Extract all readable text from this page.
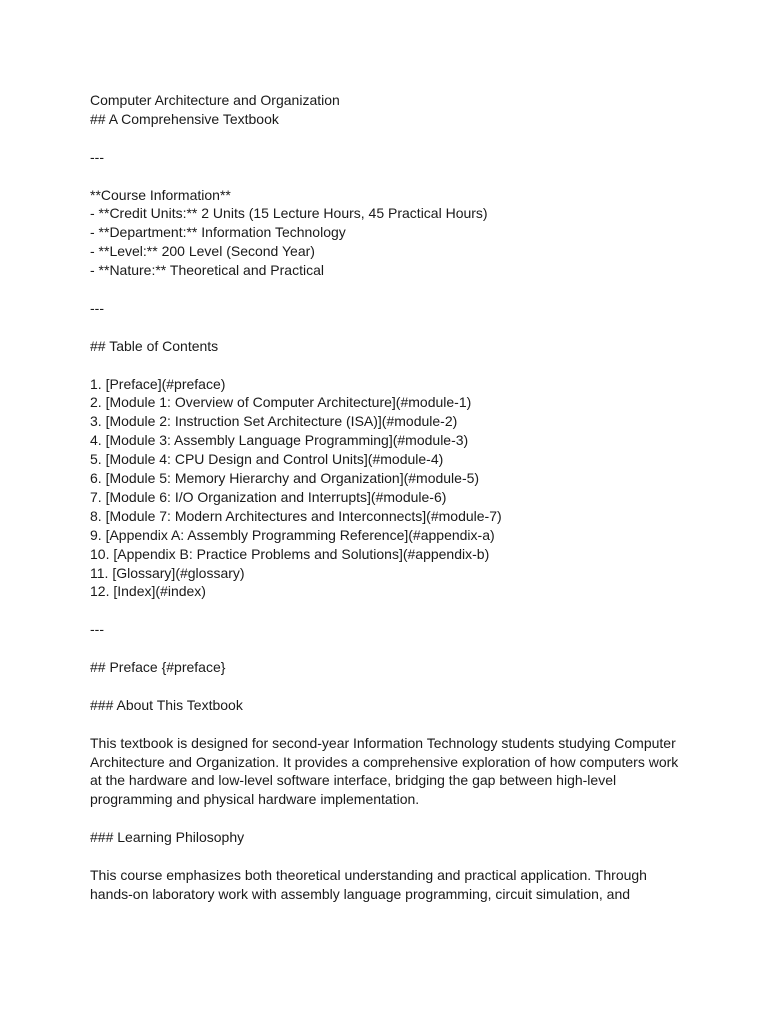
Computer Architecture and Organization
## A Comprehensive Textbook
---
**Course Information**
- **Credit Units:** 2 Units (15 Lecture Hours, 45 Practical Hours)
- **Department:** Information Technology
- **Level:** 200 Level (Second Year)
- **Nature:** Theoretical and Practical
---
## Table of Contents
1. [Preface](#preface)
2. [Module 1: Overview of Computer Architecture](#module-1)
3. [Module 2: Instruction Set Architecture (ISA)](#module-2)
4. [Module 3: Assembly Language Programming](#module-3)
5. [Module 4: CPU Design and Control Units](#module-4)
6. [Module 5: Memory Hierarchy and Organization](#module-5)
7. [Module 6: I/O Organization and Interrupts](#module-6)
8. [Module 7: Modern Architectures and Interconnects](#module-7)
9. [Appendix A: Assembly Programming Reference](#appendix-a)
10. [Appendix B: Practice Problems and Solutions](#appendix-b)
11. [Glossary](#glossary)
12. [Index](#index)
---
## Preface {#preface}
### About This Textbook
This textbook is designed for second-year Information Technology students studying Computer Architecture and Organization. It provides a comprehensive exploration of how computers work at the hardware and low-level software interface, bridging the gap between high-level programming and physical hardware implementation.
### Learning Philosophy
This course emphasizes both theoretical understanding and practical application. Through hands-on laboratory work with assembly language programming, circuit simulation, and
